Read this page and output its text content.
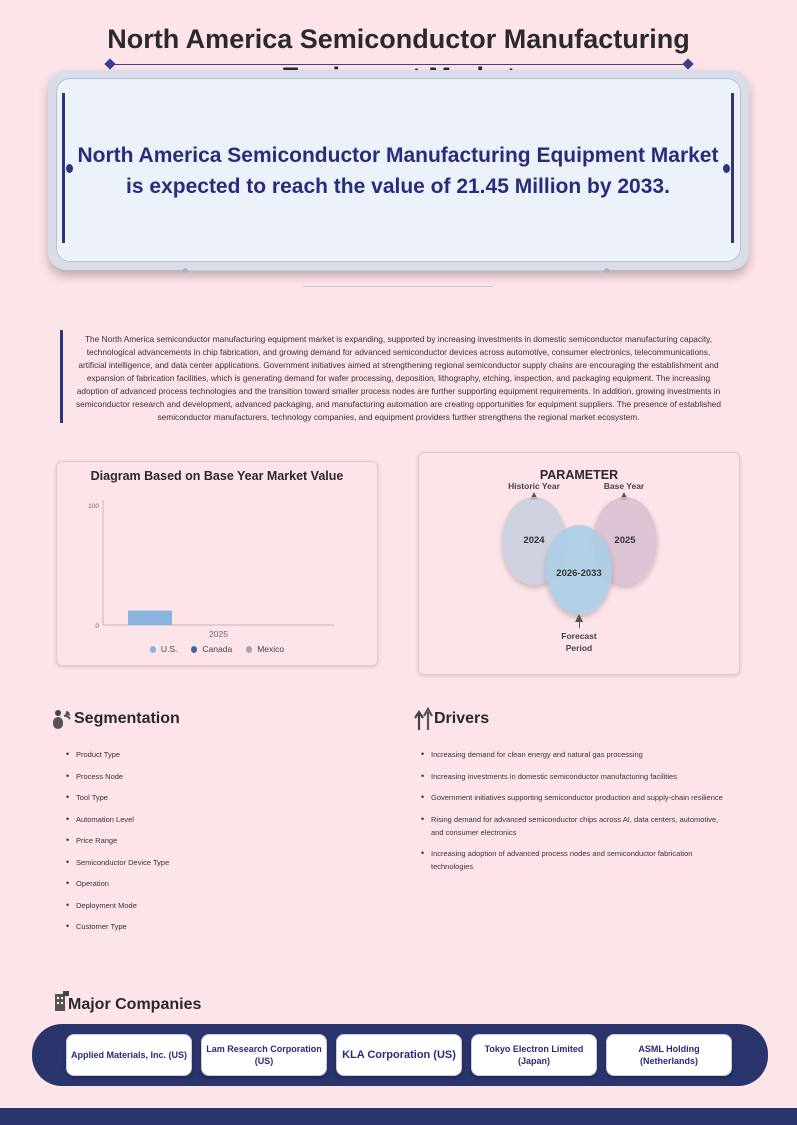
North America Semiconductor Manufacturing
North America Semiconductor Manufacturing Equipment Market is expected to reach the value of 21.45 Million by 2033.

The North America semiconductor manufacturing equipment market is expanding, supported by increasing investments in domestic semiconductor manufacturing capacity, technological advancements in chip fabrication, and growing demand for advanced semiconductor devices across automotive, consumer electronics, telecommunications, artificial intelligence, and data center applications. Government initiatives aimed at strengthening regional semiconductor supply chains are encouraging the establishment and expansion of fabrication facilities, which is generating demand for wafer processing, deposition, lithography, etching, inspection, and packaging equipment. The increasing adoption of advanced process technologies and the transition toward smaller process nodes are further supporting equipment requirements. In addition, growing investments in semiconductor research and development, advanced packaging, and manufacturing automation are creating opportunities for equipment suppliers. The presence of established semiconductor manufacturers, technology companies, and equipment providers further strengthens the regional market ecosystem.

Diagram Based on Base Year Market Value
0
100
2025
U.S.	Canada	Mexico
PARAMETER
Historic Year	Base Year
2024	2025
2026-2033
Forecast Period
Segmentation
• Product Type
• Process Node
• Tool Type
• Automation Level
• Price Range
• Semiconductor Device Type
• Operation
• Deployment Mode
• Customer Type
Drivers
• Increasing demand for clean energy and natural gas processing
• Increasing investments in domestic semiconductor manufacturing facilities
• Government initiatives supporting semiconductor production and supply-chain resilience
• Rising demand for advanced semiconductor chips across AI, data centers, automotive, and consumer electronics
• Increasing adoption of advanced process nodes and semiconductor fabrication technologies
Major Companies
Applied Materials, Inc. (US)
Lam Research Corporation (US)	KLA Corporation (US)	Tokyo Electron Limited (Japan)
ASML Holding (Netherlands)
